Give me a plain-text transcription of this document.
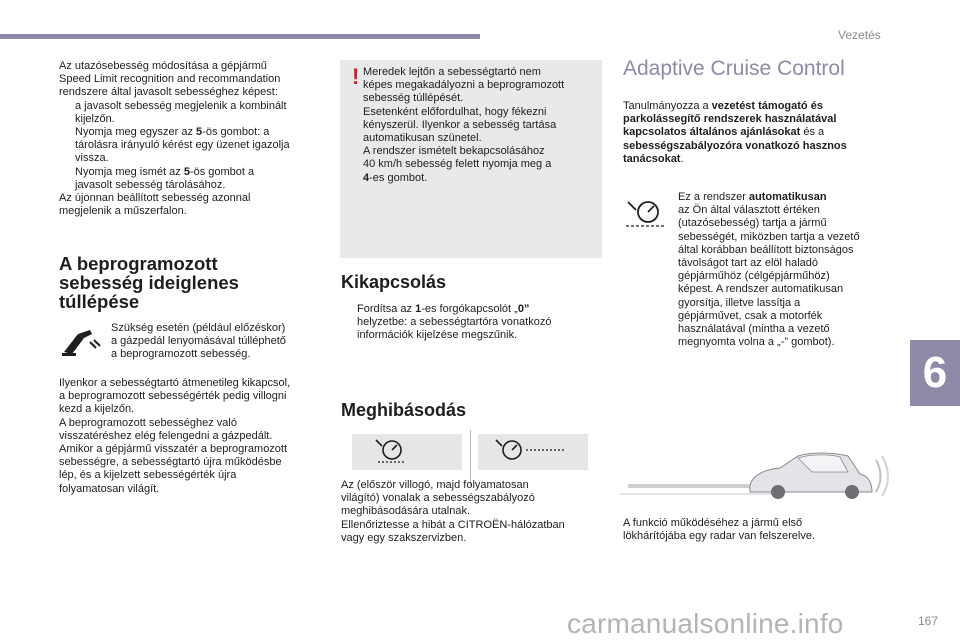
Vezetés
6

Az utazósebesség módosítása a gépjármű

Speed Limit recognition and recommandation

rendszere által javasolt sebességhez képest:

a javasolt sebesség megjelenik a kombinált

kijelzőn.

Nyomja meg egyszer az 5-ös gombot: a

tárolásra irányuló kérést egy üzenet igazolja

vissza.

Nyomja meg ismét az 5-ös gombot a

javasolt sebesség tárolásához.

Az újonnan beállított sebesség azonnal

megjelenik a műszerfalon.

A beprogramozott
sebesség ideiglenes
túllépése

Szükség esetén (például előzéskor)

a gázpedál lenyomásával túlléphető

a beprogramozott sebesség.

Ilyenkor a sebességtartó átmenetileg kikapcsol,

a beprogramozott sebességérték pedig villogni

kezd a kijelzőn.

A beprogramozott sebességhez való

visszatéréshez elég felengedni a gázpedált.

Amikor a gépjármű visszatér a beprogramozott

sebességre, a sebességtartó újra működésbe

lép, és a kijelzett sebességérték újra

folyamatosan világít.

! Meredek lejtőn a sebességtartó nem

képes megakadályozni a beprogramozott

sebesség túllépését.

Esetenként előfordulhat, hogy fékezni

kényszerül. Ilyenkor a sebesség tartása

automatikusan szünetel.

A rendszer ismételt bekapcsolásához

40 km/h sebesség felett nyomja meg a

4-es gombot.

Kikapcsolás

Fordítsa az 1-es forgókapcsolót „0”

helyzetbe: a sebességtartóra vonatkozó

információk kijelzése megszűnik.

Meghibásodás

Az (először villogó, majd folyamatosan

világító) vonalak a sebességszabályozó

meghibásodására utalnak.

Ellenőriztesse a hibát a CITROËN-hálózatban

vagy egy szakszervizben.

Adaptive Cruise Control

Tanulmányozza a vezetést támogató és

parkolássegítő rendszerek használatával

kapcsolatos általános ajánlásokat és a

sebességszabályozóra vonatkozó hasznos

tanácsokat.

Ez a rendszer automatikusan

az Ön által választott értéken

(utazósebesség) tartja a jármű

sebességét, miközben tartja a vezető

által korábban beállított biztonságos

távolságot tart az elöl haladó

gépjárműhöz (célgépjárműhöz)

képest. A rendszer automatikusan

gyorsítja, illetve lassítja a

gépjárművet, csak a motorfék

használatával (mintha a vezető

megnyomta volna a „-” gombot).

A funkció működéséhez a jármű első

lökhárítójába egy radar van felszerelve.

carmanualsonline.info	167
